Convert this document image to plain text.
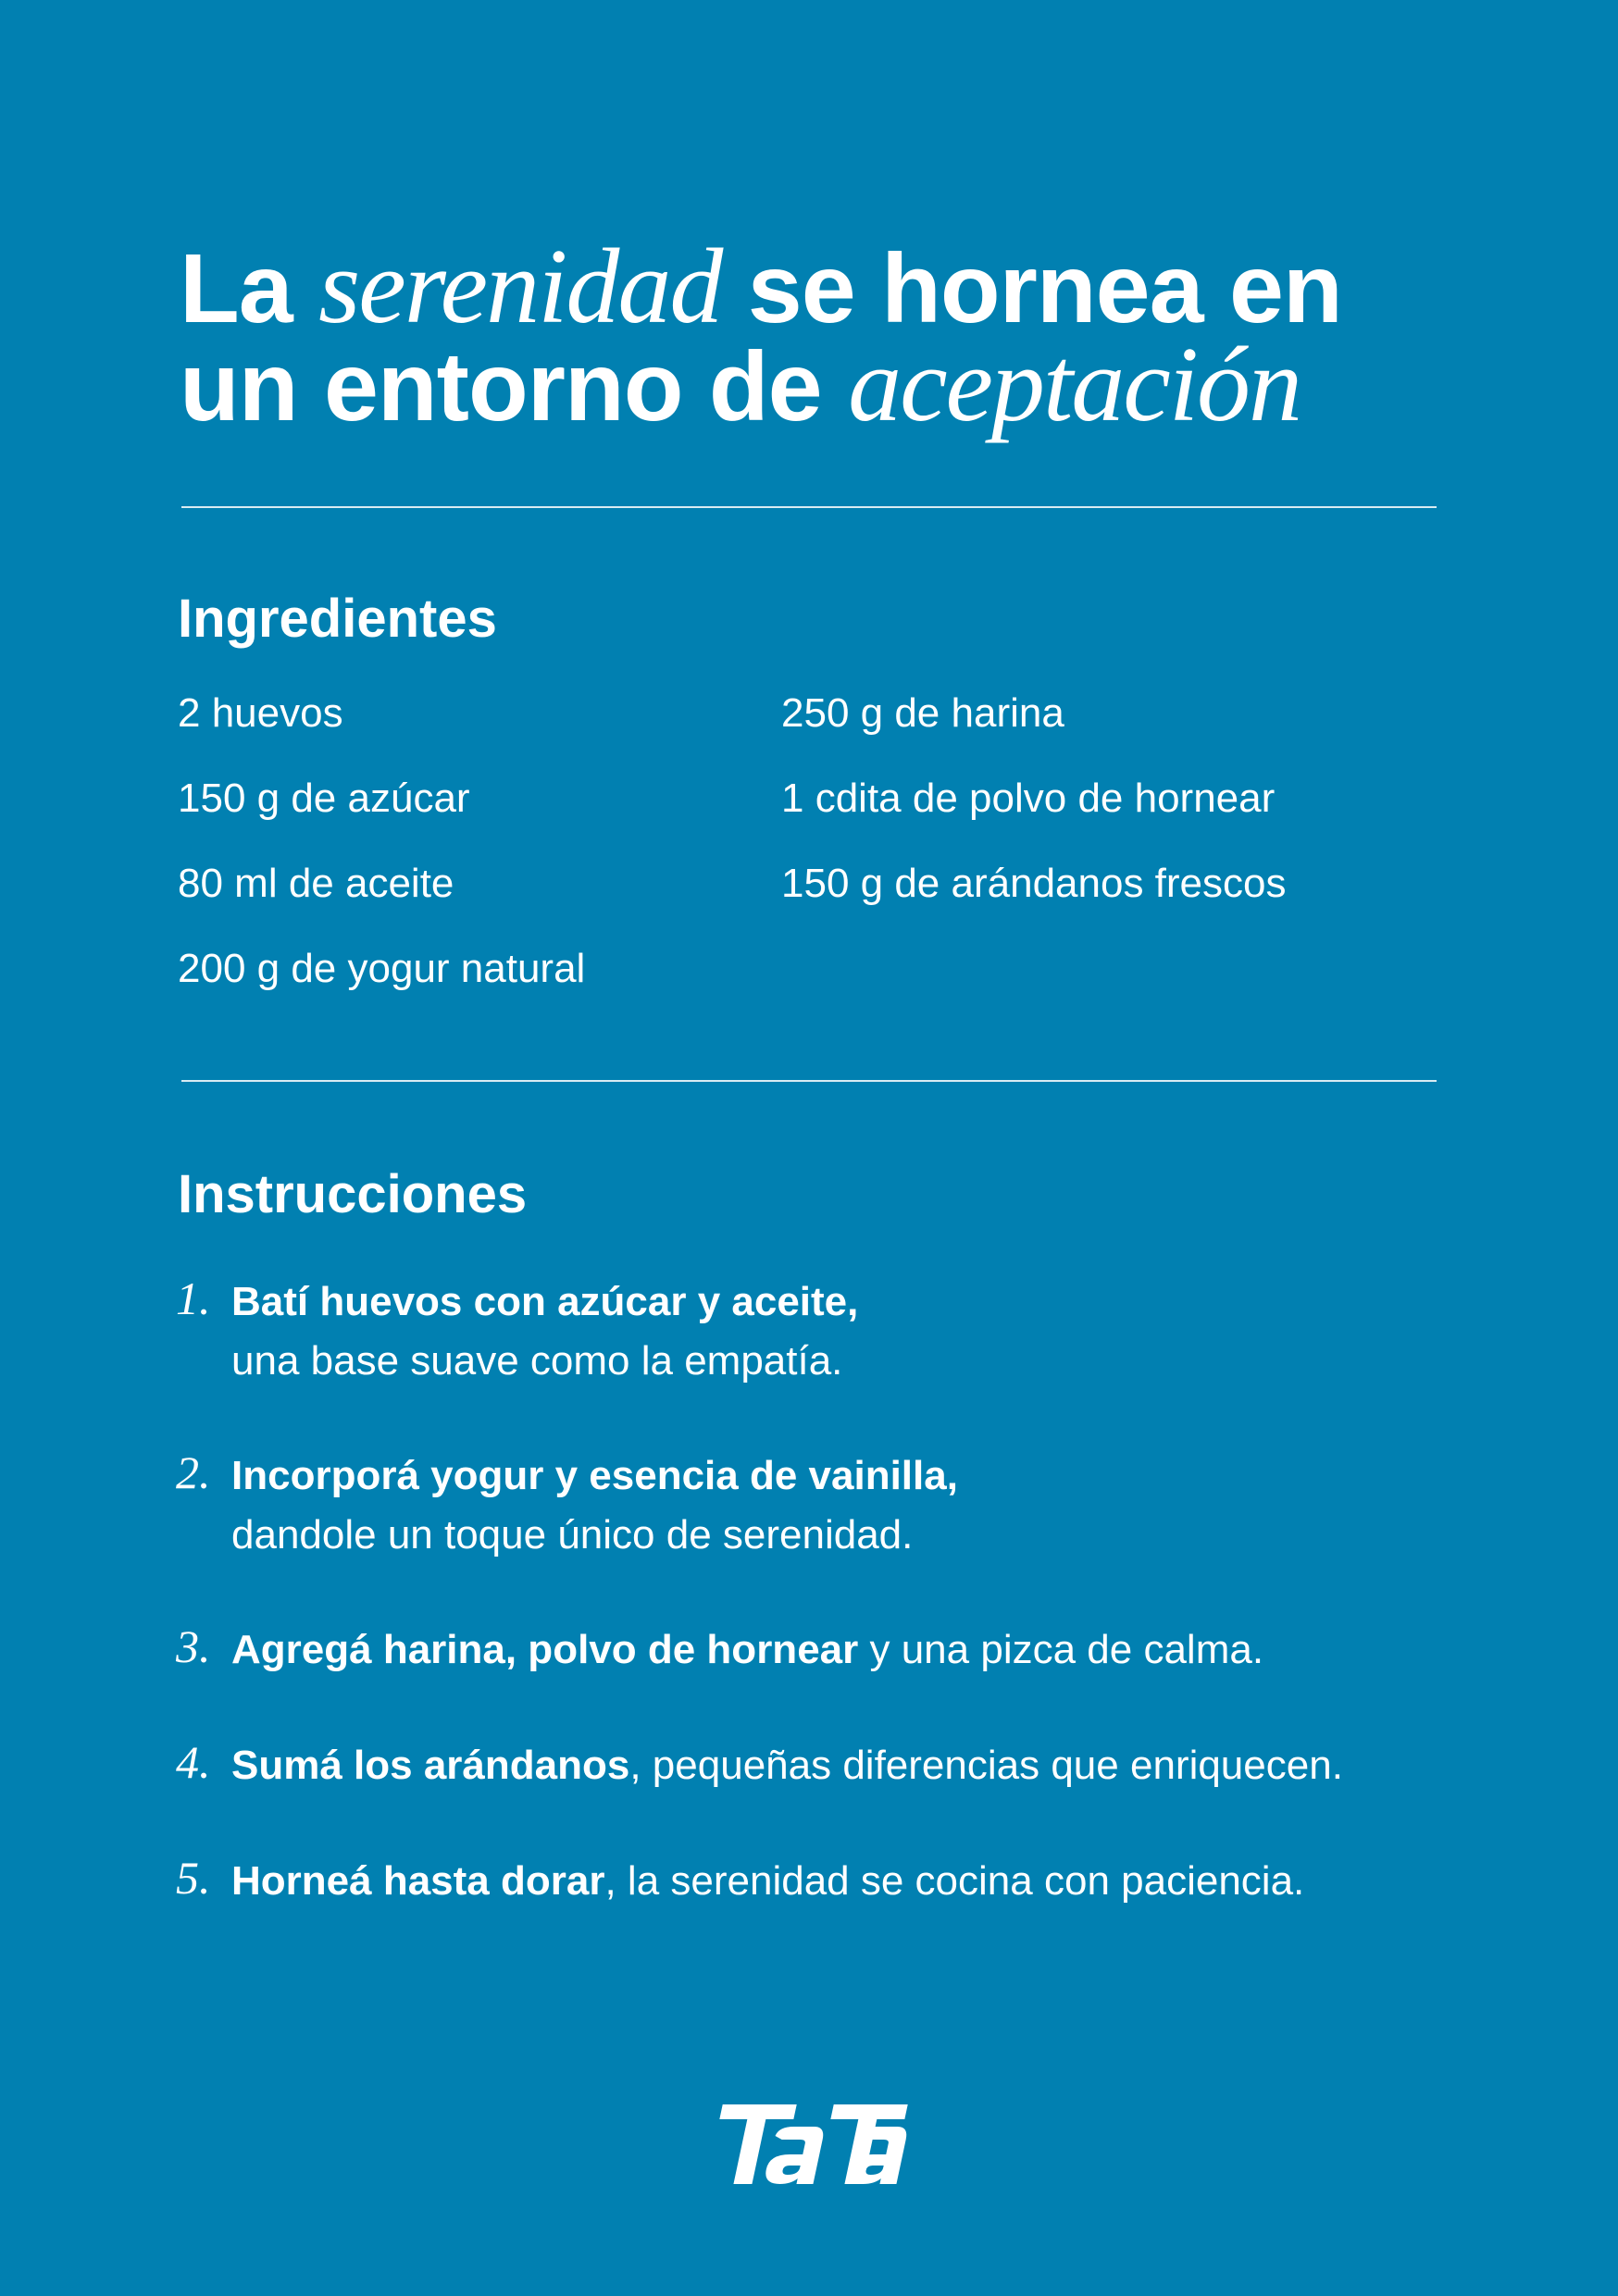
La serenidad se hornea en
un entorno de aceptación
Ingredientes
2 huevos
150 g de azúcar
80 ml de aceite
200 g de yogur natural
250 g de harina
1 cdita de polvo de hornear
150 g de arándanos frescos
Instrucciones
1. Batí huevos con azúcar y aceite,
una base suave como la empatía.
2. Incorporá yogur y esencia de vainilla,
dandole un toque único de serenidad.
3. Agregá harina, polvo de hornear y una pizca de calma.
4. Sumá los arándanos, pequeñas diferencias que enriquecen.
5. Horneá hasta dorar, la serenidad se cocina con paciencia.
